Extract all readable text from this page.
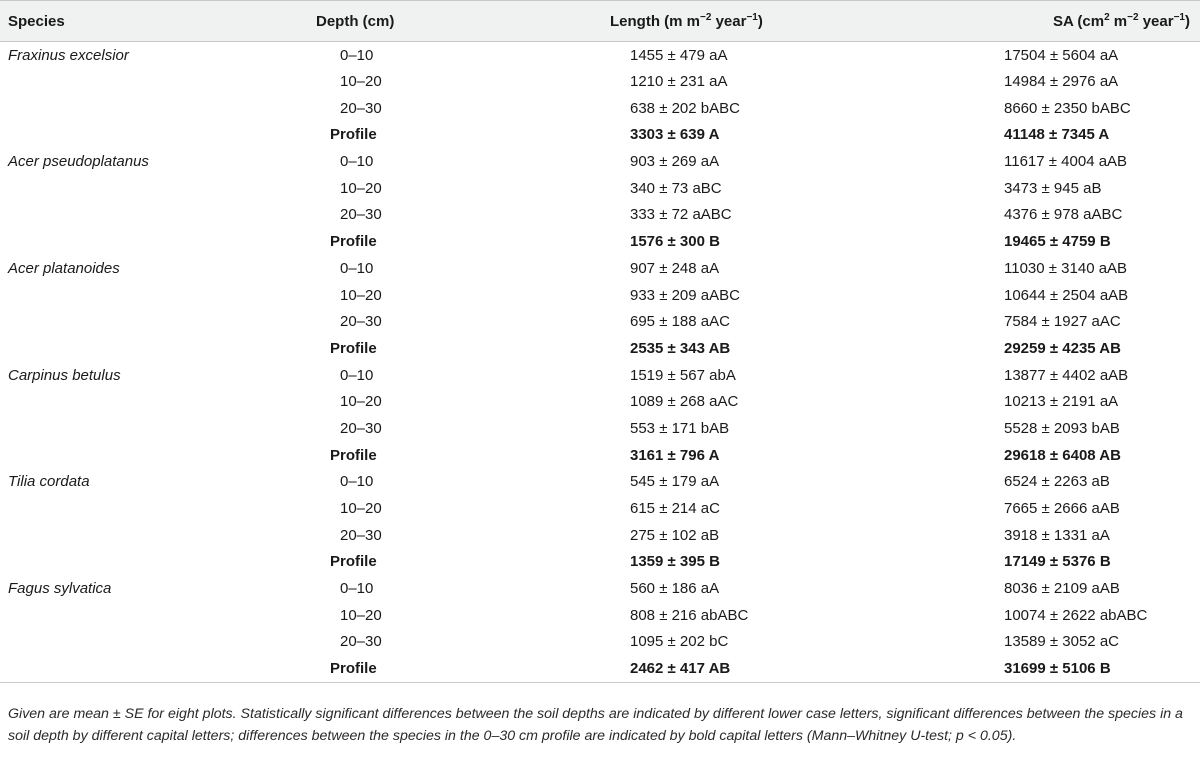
Species	Depth (cm)	Length (m $m^{-2}$ year$^{-1}$)	SA ($cm^2$ $m^{-2}$ year$^{-1}$)
Fraxinus excelsior	0–10	1455 ± 479 aA	17504 ± 5604 aA
	10–20	1210 ± 231 aA	14984 ± 2976 aA
	20–30	638 ± 202 bABC	8660 ± 2350 bABC
	Profile	3303 ± 639 A	41148 ± 7345 A
Acer pseudoplatanus	0–10	903 ± 269 aA	11617 ± 4004 aAB
	10–20	340 ± 73 aBC	3473 ± 945 aB
	20–30	333 ± 72 aABC	4376 ± 978 aABC
	Profile	1576 ± 300 B	19465 ± 4759 B
Acer platanoides	0–10	907 ± 248 aA	11030 ± 3140 aAB
	10–20	933 ± 209 aABC	10644 ± 2504 aAB
	20–30	695 ± 188 aAC	7584 ± 1927 aAC
	Profile	2535 ± 343 AB	29259 ± 4235 AB
Carpinus betulus	0–10	1519 ± 567 abA	13877 ± 4402 aAB
	10–20	1089 ± 268 aAC	10213 ± 2191 aA
	20–30	553 ± 171 bAB	5528 ± 2093 bAB
	Profile	3161 ± 796 A	29618 ± 6408 AB
Tilia cordata	0–10	545 ± 179 aA	6524 ± 2263 aB
	10–20	615 ± 214 aC	7665 ± 2666 aAB
	20–30	275 ± 102 aB	3918 ± 1331 aA
	Profile	1359 ± 395 B	17149 ± 5376 B
Fagus sylvatica	0–10	560 ± 186 aA	8036 ± 2109 aAB
	10–20	808 ± 216 abABC	10074 ± 2622 abABC
	20–30	1095 ± 202 bC	13589 ± 3052 aC
	Profile	2462 ± 417 AB	31699 ± 5106 B
Given are mean ± SE for eight plots. Statistically significant differences between the soil depths are indicated by different lower case letters, significant differences between the species in a soil depth by different capital letters; differences between the species in the 0–30 cm profile are indicated by bold capital letters (Mann–Whitney U-test; p < 0.05).
